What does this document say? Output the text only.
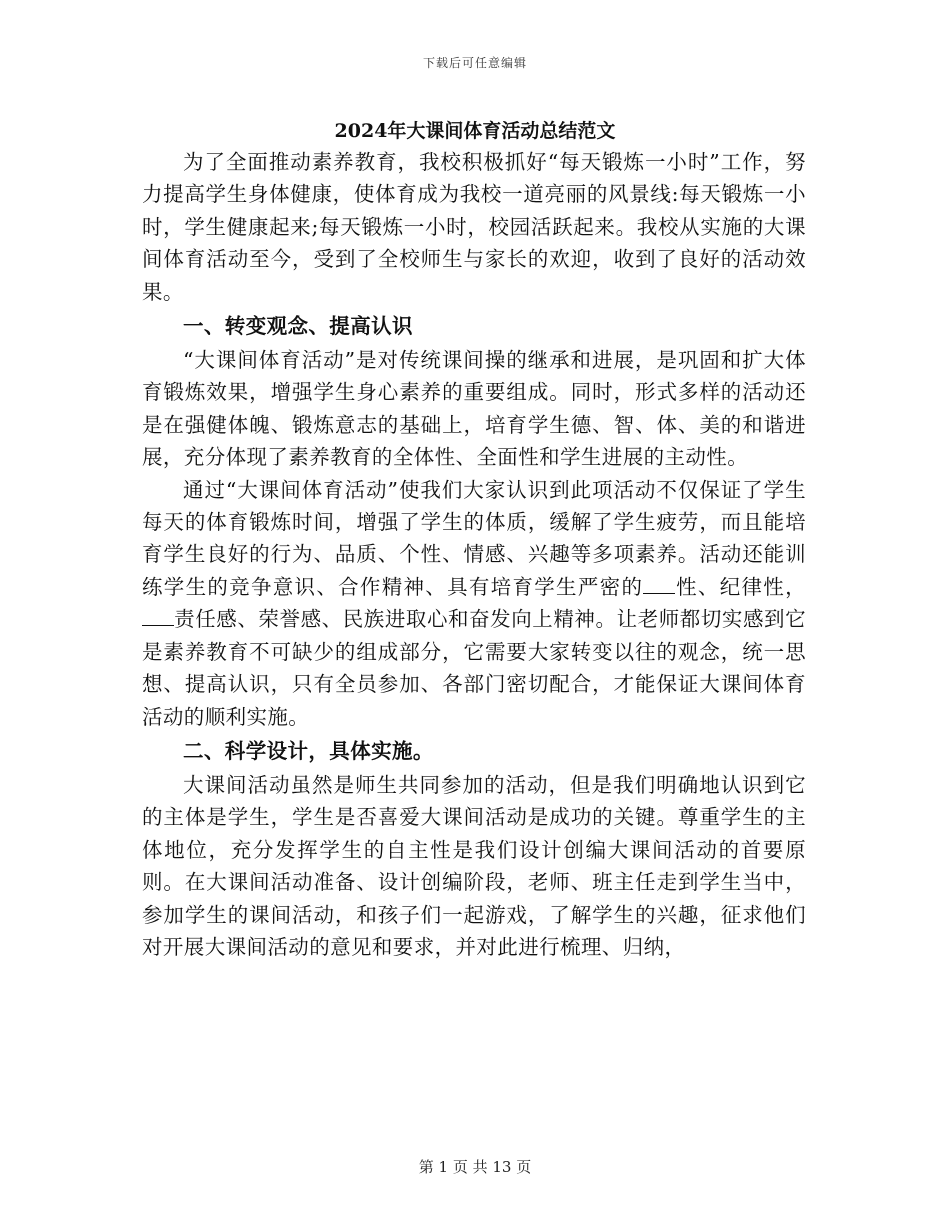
下载后可任意编辑
2024年大课间体育活动总结范文

为了全面推动素养教育，我校积极抓好“每天锻炼一小时”工作，努力提高学生身体健康，使体育成为我校一道亮丽的风景线:每天锻炼一小时，学生健康起来;每天锻炼一小时，校园活跃起来。我校从实施的大课间体育活动至今，受到了全校师生与家长的欢迎，收到了良好的活动效果。

一、转变观念、提高认识

“大课间体育活动”是对传统课间操的继承和进展，是巩固和扩大体育锻炼效果，增强学生身心素养的重要组成。同时，形式多样的活动还是在强健体魄、锻炼意志的基础上，培育学生德、智、体、美的和谐进展，充分体现了素养教育的全体性、全面性和学生进展的主动性。

通过“大课间体育活动”使我们大家认识到此项活动不仅保证了学生每天的体育锻炼时间，增强了学生的体质，缓解了学生疲劳，而且能培育学生良好的行为、品质、个性、情感、兴趣等多项素养。活动还能训练学生的竞争意识、合作精神、具有培育学生严密的 性、纪律性，责任感、荣誉感、民族进取心和奋发向上精神。让老师都切实感到它是素养教育不可缺少的组成部分，它需要大家转变以往的观念，统一思想、提高认识，只有全员参加、各部门密切配合，才能保证大课间体育活动的顺利实施。

二、科学设计，具体实施。

大课间活动虽然是师生共同参加的活动，但是我们明确地认识到它的主体是学生，学生是否喜爱大课间活动是成功的关键。尊重学生的主体地位，充分发挥学生的自主性是我们设计创编大课间活动的首要原则。在大课间活动准备、设计创编阶段，老师、班主任走到学生当中，参加学生的课间活动，和孩子们一起游戏，了解学生的兴趣，征求他们对开展大课间活动的意见和要求，并对此进行梳理、归纳，

第 1 页 共 13 页
